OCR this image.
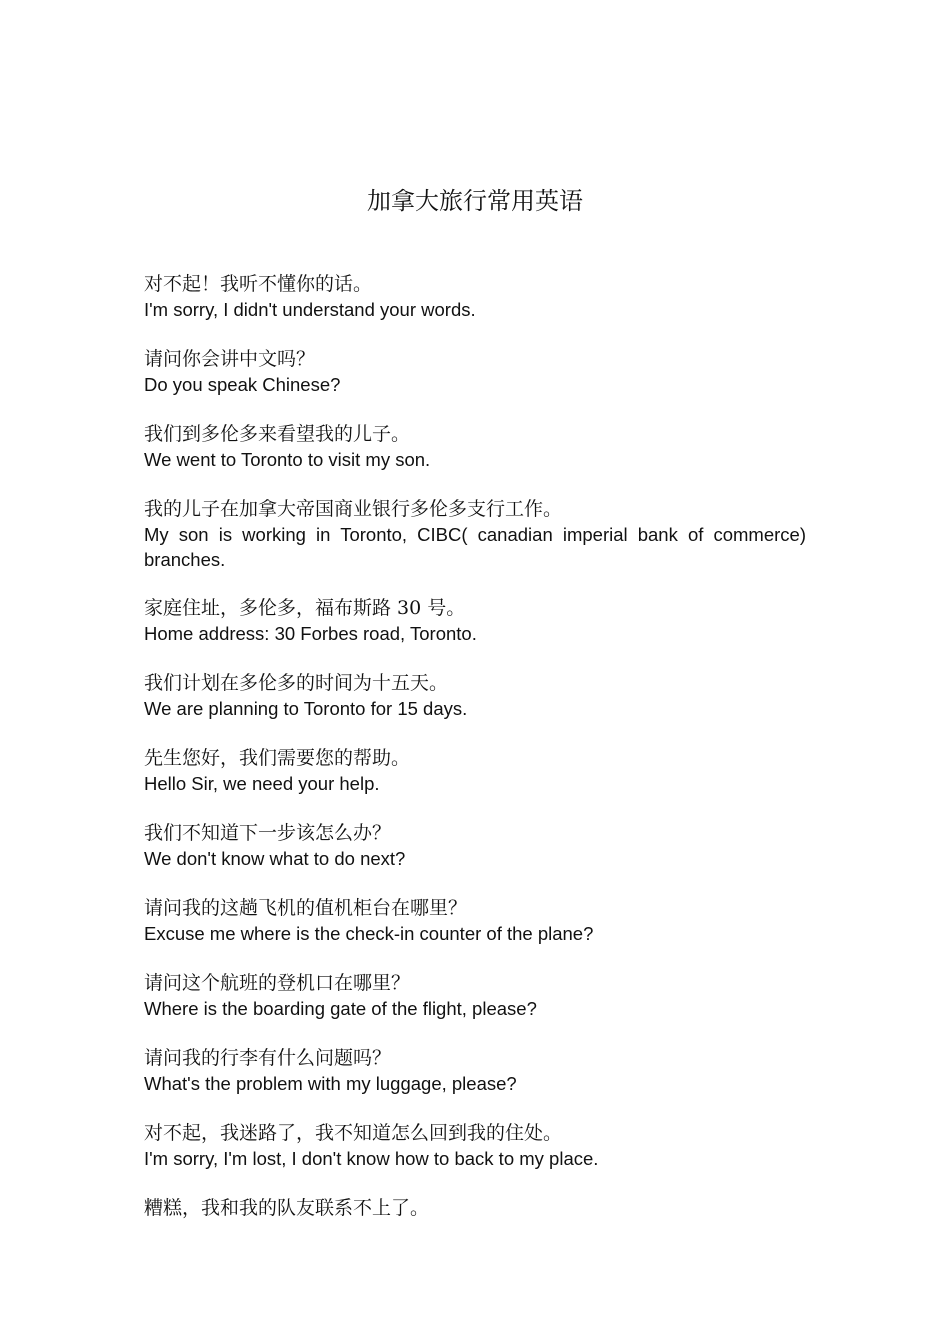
加拿大旅行常用英语
对不起！我听不懂你的话。
I'm sorry, I didn't understand your words.
请问你会讲中文吗？
Do you speak Chinese?
我们到多伦多来看望我的儿子。
We went to Toronto to visit my son.
我的儿子在加拿大帝国商业银行多伦多支行工作。
My son is working in Toronto, CIBC( canadian imperial bank of commerce) branches.
家庭住址，多伦多，福布斯路 30 号。
Home address: 30 Forbes road, Toronto.
我们计划在多伦多的时间为十五天。
We are planning to Toronto for 15 days.
先生您好，我们需要您的帮助。
Hello Sir, we need your help.
我们不知道下一步该怎么办？
We don't know what to do next?
请问我的这趟飞机的值机柜台在哪里？
Excuse me where is the check-in counter of the plane?
请问这个航班的登机口在哪里？
Where is the boarding gate of the flight, please?
请问我的行李有什么问题吗？
What's the problem with my luggage, please?
对不起，我迷路了，我不知道怎么回到我的住处。
I'm sorry, I'm lost, I don't know how to back to my place.
糟糕，我和我的队友联系不上了。
